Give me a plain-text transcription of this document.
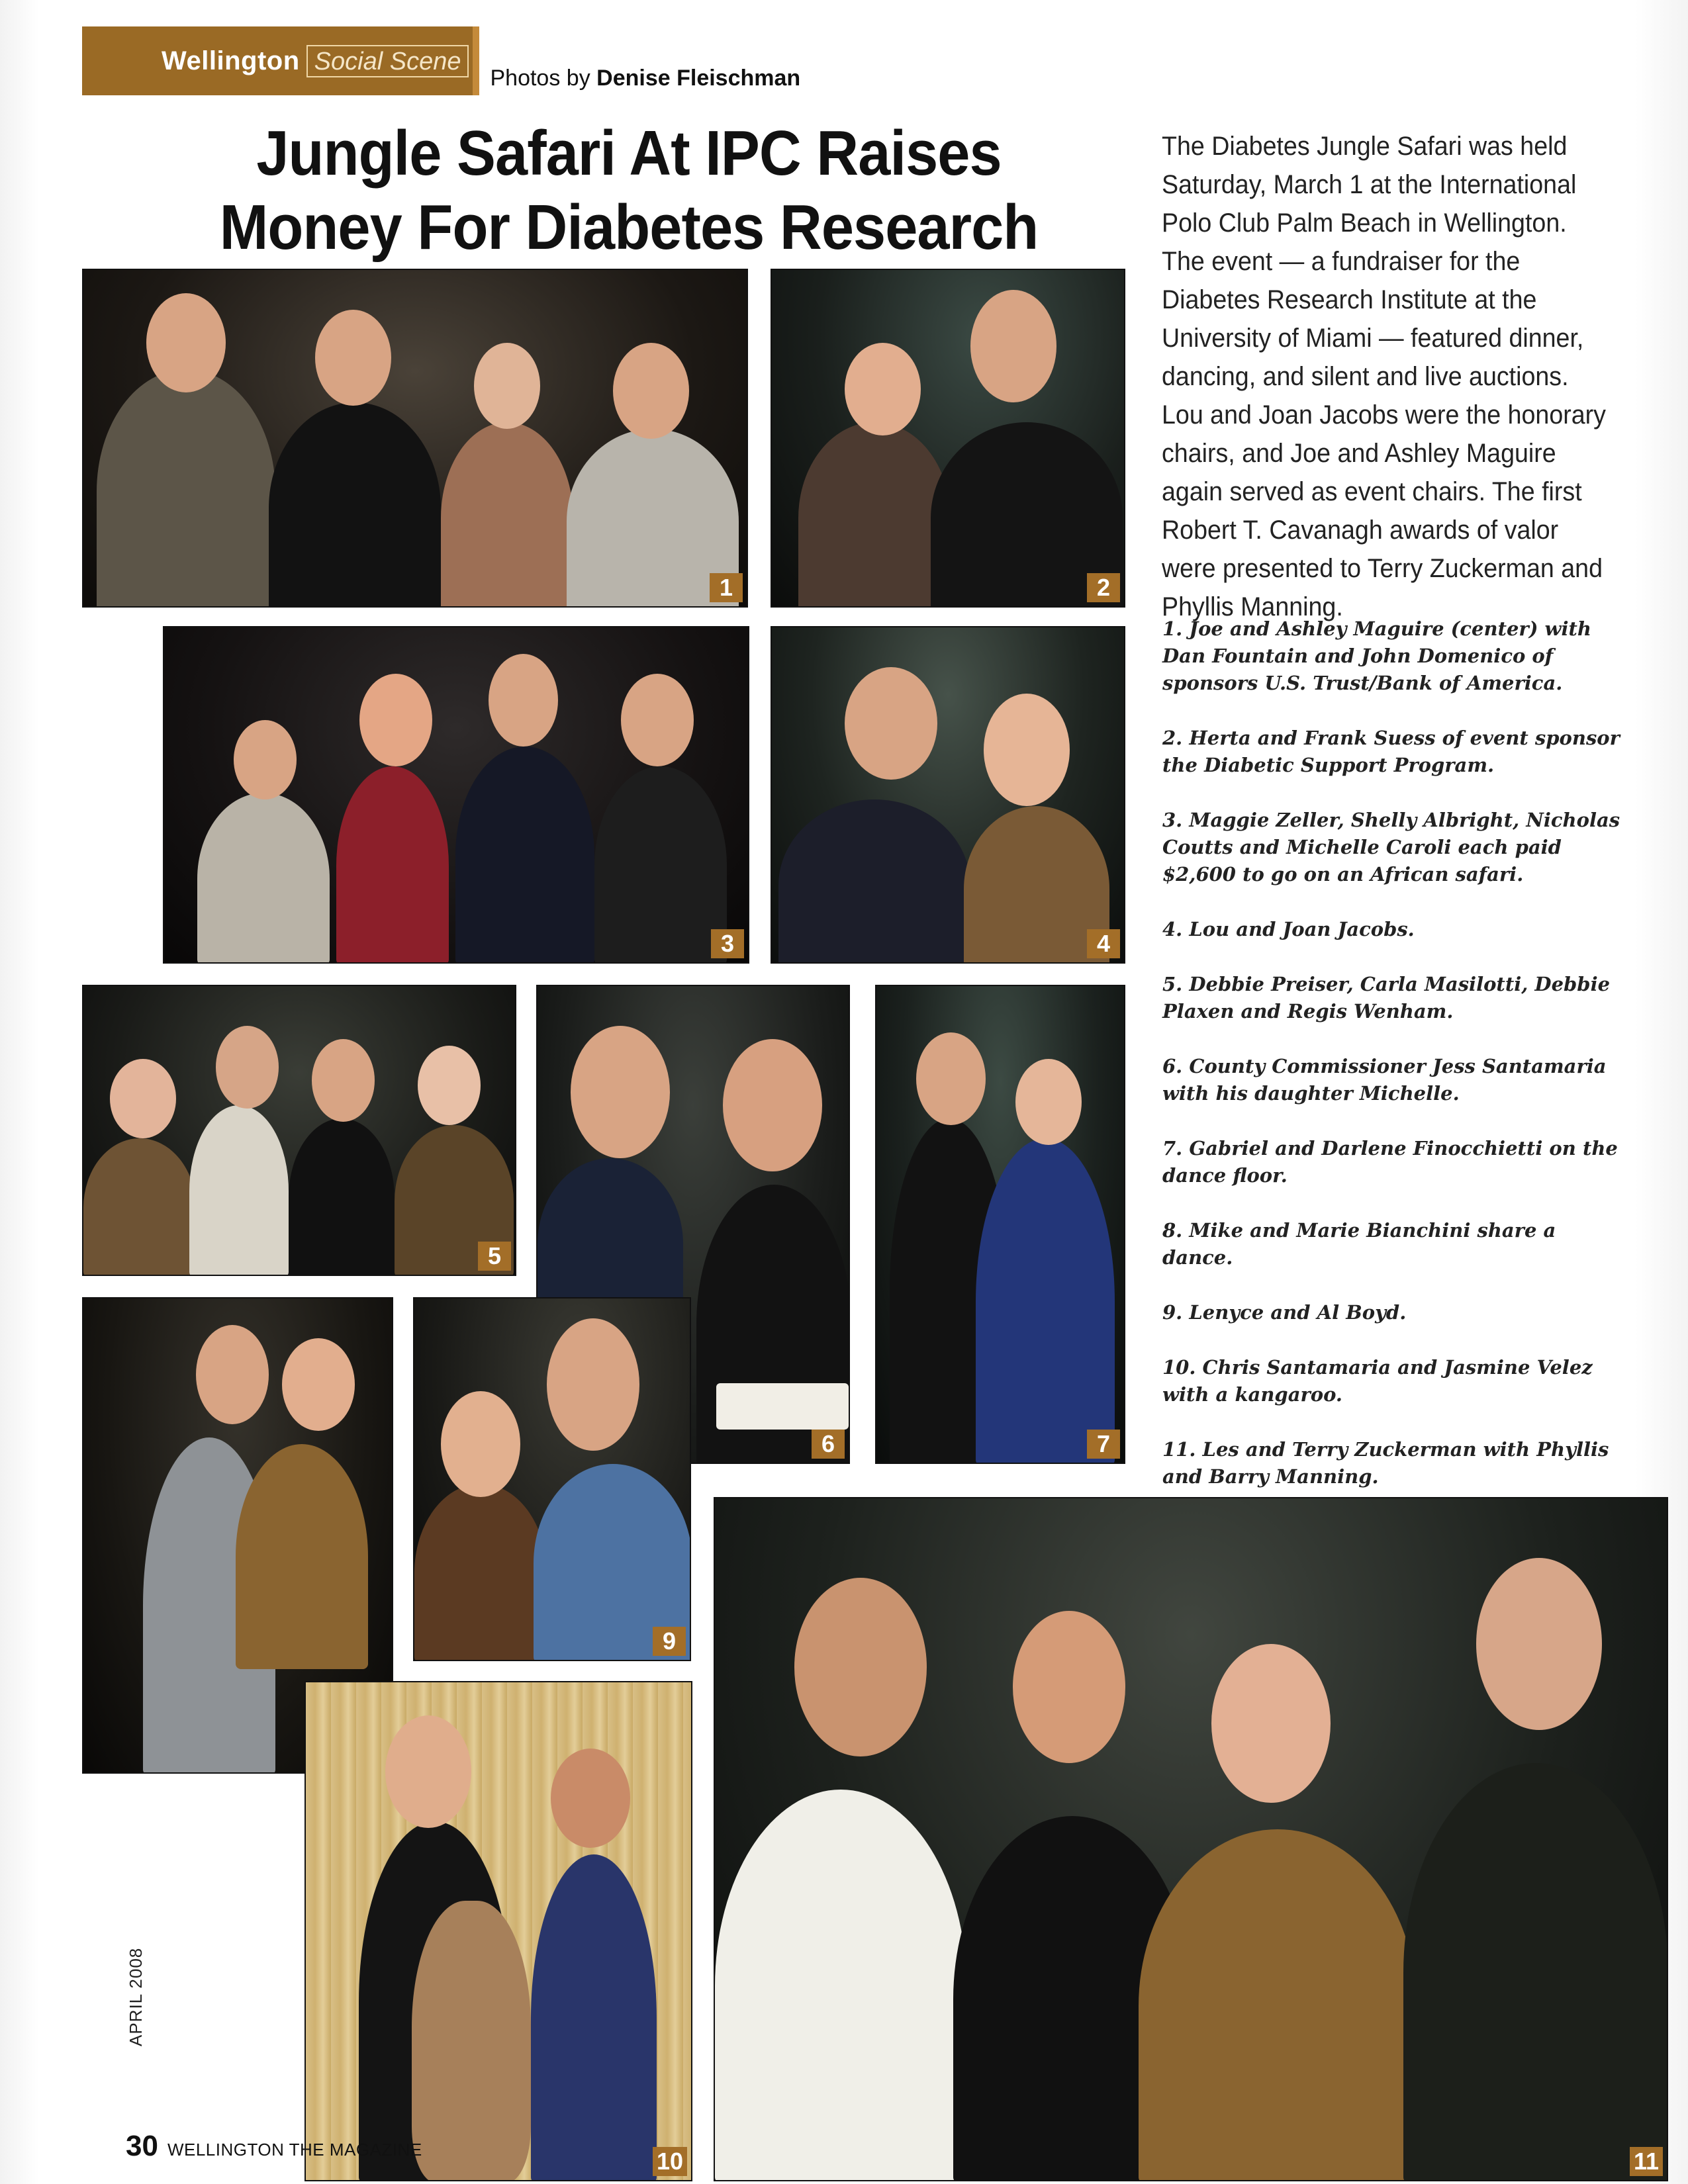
Wellington Social Scene
Photos by Denise Fleischman
Jungle Safari At IPC Raises
Money For Diabetes Research
1	2
3	4
5
6	7
9
10	11

The Diabetes Jungle Safari was held Saturday, March 1 at the International Polo Club Palm Beach in Wellington. The event — a fundraiser for the Diabetes Research Institute at the University of Miami — featured dinner, dancing, and silent and live auctions. Lou and Joan Jacobs were the honorary chairs, and Joe and Ashley Maguire again served as event chairs. The first Robert T. Cavanagh awards of valor were presented to Terry Zuckerman and Phyllis Manning.

1. Joe and Ashley Maguire (center) with Dan Fountain and John Domenico of sponsors U.S. Trust/Bank of America.
2. Herta and Frank Suess of event sponsor the Diabetic Support Program.
3. Maggie Zeller, Shelly Albright, Nicholas Coutts and Michelle Caroli each paid $2,600 to go on an African safari.
4. Lou and Joan Jacobs.
5. Debbie Preiser, Carla Masilotti, Debbie Plaxen and Regis Wenham.
6. County Commissioner Jess Santamaria with his daughter Michelle.
7. Gabriel and Darlene Finocchietti on the dance floor.
8. Mike and Marie Bianchini share a dance.
9. Lenyce and Al Boyd.
10. Chris Santamaria and Jasmine Velez with a kangaroo.
11. Les and Terry Zuckerman with Phyllis and Barry Manning.
APRIL 2008
30 WELLINGTON THE MAGAZINE
